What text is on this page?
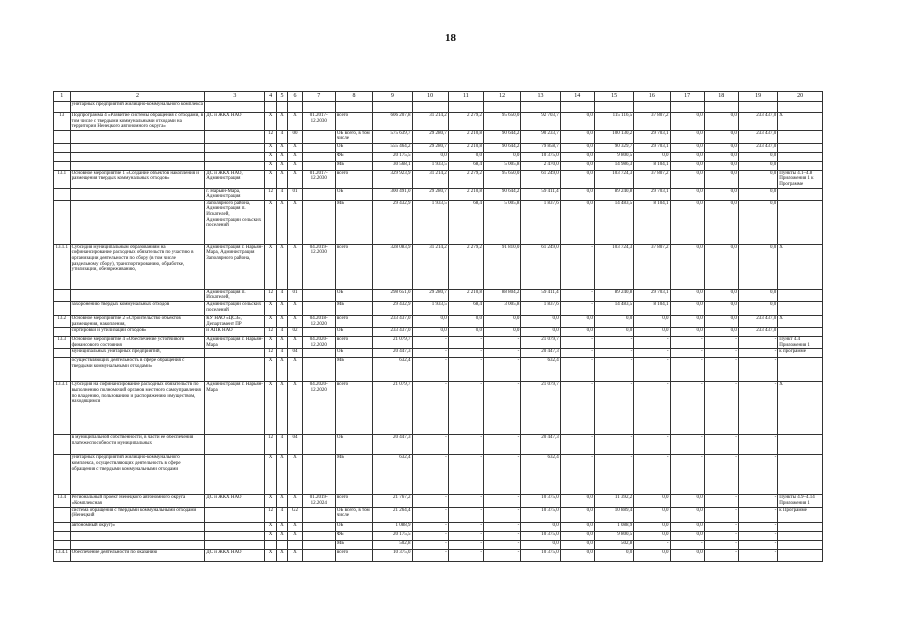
18
1	2	3	4	5	6	7	8	9	10	11	12	13	14	15	16	17	18	19	20
	унитарных предприятий жилищно-коммунального комплекса																		
13	Подпрограмма 4 «Развитие системы обращения с отходами, в том числе с твердыми коммунальными отходами на территории Ненецкого автономного округа»	ДС и ЖКХ НАО	Х	Х	Х	01.2017-12.2030	всего	606 207,8	31 214,2	2 279,2	95 650,0	92 703,7	0,0	115 116,5	37 807,2	0,0	0,0	233 437,0	Х
			12	4	00		ОБ всего, в том числе	575 639,7	29 280,7	2 210,8	90 644,2	90 233,7	0,0	100 130,2	29 703,1	0,0	0,0	233 437,0	
			Х	Х	Х		ОБ	555 464,2	29 280,7	2 210,8	90 644,2	79 858,7	0,0	90 329,7	29 703,1	0,0	0,0	233 437,0	
			Х	Х	Х		ФБ	20 175,5	0,0	0,0	0,0	10 375,0	0,0	9 800,5	0,0	0,0	0,0	0,0	
			Х	Х	Х		МБ	30 568,1	1 933,5	68,4	5 005,8	2 470,0	0,0	14 986,3	8 104,1	0,0	0,0	0,0	
13.1	Основное мероприятие 1 «Создание объектов накопления и размещения твердых коммунальных отходов»	ДС и ЖКХ НАО, Администрация	Х	Х	Х	01.2017-12.2030	всего	329 923,9	31 214,2	2 279,2	95 650,0	61 249,0	0,0	103 724,3	37 807,2	0,0	0,0	0,0	Пункты 4.1–4.8 Приложения 1 к Программе
		г. Нарьян-Мара, Администрация	12	4	01		ОБ	300 491,0	29 280,7	2 210,8	90 644,2	59 411,4	0,0	89 240,8	29 703,1	0,0	0,0	0,0	
		Заполярного района, Администрация п. Искателей, Администрации сельских поселений	Х	Х	Х		МБ	29 432,9	1 933,5	68,4	5 005,8	1 837,6	0,0	14 483,5	8 104,1	0,0	0,0	0,0	
13.1.1	Субсидия муниципальным образованиям на софинансирование расходных обязательств по участию в организации деятельности по сбору (в том числе раздельному сбору), транспортированию, обработке, утилизации, обезвреживанию,	Администрация г. Нарьян-Мара, Администрация Заполярного района,	Х	Х	Х	04.2019-12.2030	всего	328 083,9	31 214,2	2 279,2	91 810,0	61 249,0	-	103 724,3	37 807,2	0,0	0,0	0,0	Х
		Администрация п. Искателей,	12	4	01		ОБ	298 651,0	29 280,7	2 210,8	88 804,2	59 411,4	-	89 240,8	29 703,1	0,0	0,0	0,0	
	захоронению твердых коммунальных отходов	Администрации сельских поселений	Х	Х	Х		МБ	29 432,9	1 933,5	68,4	3 005,8	1 837,6	-	14 483,5	8 104,1	0,0	0,0	0,0	
13.2	Основное мероприятие 2 «Строительство объектов размещения, накопления,	КУ НАО «ЦСЗ», Департамент ПР	Х	Х	Х	04.2018-12.2020	всего	233 437,0	0,0	0,0	0,0	0,0	0,0	0,0	0,0	0,0	0,0	233 437,0	Х
	сортировки и утилизации отходов»	и АПК НАО	12	4	02		ОБ	233 437,0	0,0	0,0	0,0	0,0	0,0	0,0	0,0	0,0	0,0	233 437,0	
13.3	Основное мероприятие 4 «Обеспечение устойчивого финансового состояния	Администрация г. Нарьян-Мара	Х	Х	Х	04.2020-12.2020	всего	21 079,7	-	-	-	21 079,7	-	-	-	-	-	-	Пункт 4.4 Приложения 1
	муниципальных унитарных предприятий,		12	4	04		ОБ	20 447,3	-	-	-	20 447,3	-	-	-	-	-	-	к программе
	осуществляющих деятельность в сфере обращения с твердыми коммунальными отходами»		Х	Х	Х		МБ	632,4	-	-	-	632,4	-	-	-	-	-	-	
13.3.1	Субсидия на софинансирование расходных обязательств по выполнению полномочий органов местного самоуправления по владению, пользованию и распоряжению имуществом, находящимся	Администрация г. Нарьян-Мара	Х	Х	Х	04.2020-12.2020	всего	21 079,7	-	-	-	21 079,7	-	-	-	-	-	-	Х
	в муниципальной собственности, в части ее обеспечения платежеспособности муниципальных		12	4	04		ОБ	20 447,3	-	-	-	20 447,3	-	-	-	-	-	-	
	унитарных предприятий жилищно-коммунального комплекса, осуществляющих деятельность в сфере обращения с твердыми коммунальными отходами		Х	Х	Х		МБ	632,4	-	-	-	632,4	-	-	-	-	-	-	
13.4	Региональный проект Ненецкого автономного округа «Комплексная	ДС и ЖКХ НАО	Х	Х	Х	01.2019-12.2024	всего	21 767,2	-	-	-	10 375,0	0,0	11 392,2	0,0	0,0	-	-	Пункты 4.9–4.14 Приложения 1
	система обращения с твердыми коммунальными отходами (Ненецкий		12	4	G2		ОБ всего, в том числе	21 264,4	-	-	-	10 375,0	0,0	10 889,4	0,0	0,0	-	-	к Программе
	автономный округ)»		Х	Х	Х		ОБ	1 088,9	-	-	-	0,0	0,0	1 088,9	0,0	0,0	-	-	
			Х	Х	Х		ФБ	20 175,5	-	-	-	10 375,0	0,0	9 800,5	0,0	0,0	-	-	
							МБ	502,8	-	-	-	0,0	0,0	502,8	-	-	-	-	
13.4.1	Обеспечение деятельности по оказанию	ДС и ЖКХ НАО	Х	Х	Х		всего	10 375,0	-	-	-	10 375,0	0,0	0,0	0,0	0,0	-	-	
